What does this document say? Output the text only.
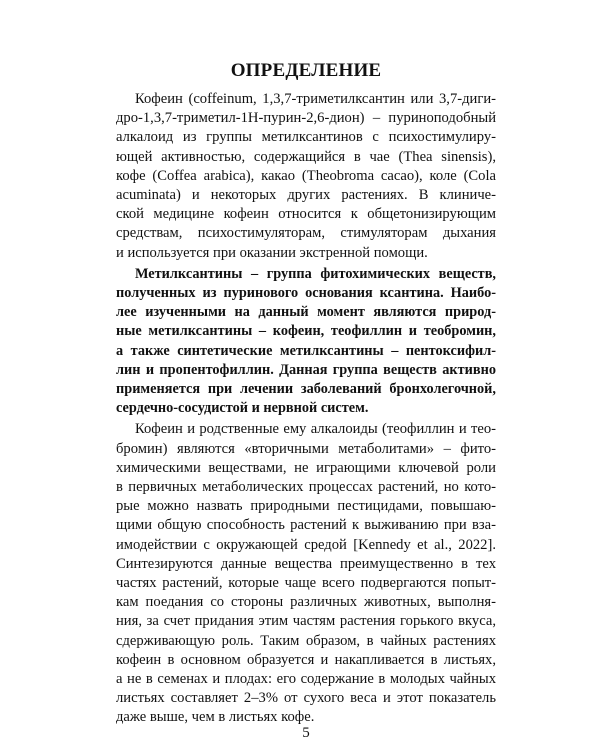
ОПРЕДЕЛЕНИЕ
Кофеин (coffeinum, 1,3,7-триметилксантин или 3,7-диги-
дро-1,3,7-триметил-1Н-пурин-2,6-дион) – пуриноподобный
алкалоид из группы метилксантинов с психостимулиру-
ющей активностью, содержащийся в чае (Thea sinensis),
кофе (Coffea arabica), какао (Theobroma cacao), коле (Cola
acuminata) и некоторых других растениях. В клиниче-
ской медицине кофеин относится к общетонизирующим
средствам, психостимуляторам, стимуляторам дыхания
и используется при оказании экстренной помощи.
Метилксантины – группа фитохимических веществ,
полученных из пуринового основания ксантина. Наибо-
лее изученными на данный момент являются природ-
ные метилксантины – кофеин, теофиллин и теобромин,
а также синтетические метилксантины – пентоксифил-
лин и пропентофиллин. Данная группа веществ активно
применяется при лечении заболеваний бронхолегочной,
сердечно-сосудистой и нервной систем.
Кофеин и родственные ему алкалоиды (теофиллин и тео-
бромин) являются «вторичными метаболитами» – фито-
химическими веществами, не играющими ключевой роли
в первичных метаболических процессах растений, но кото-
рые можно назвать природными пестицидами, повышаю-
щими общую способность растений к выживанию при вза-
имодействии с окружающей средой [Kennedy et al., 2022].
Синтезируются данные вещества преимущественно в тех
частях растений, которые чаще всего подвергаются попыт-
кам поедания со стороны различных животных, выполня-
ния, за счет придания этим частям растения горького вкуса,
сдерживающую роль. Таким образом, в чайных растениях
кофеин в основном образуется и накапливается в листьях,
а не в семенах и плодах: его содержание в молодых чайных
листьях составляет 2–3% от сухого веса и этот показатель
даже выше, чем в листьях кофе.
5
